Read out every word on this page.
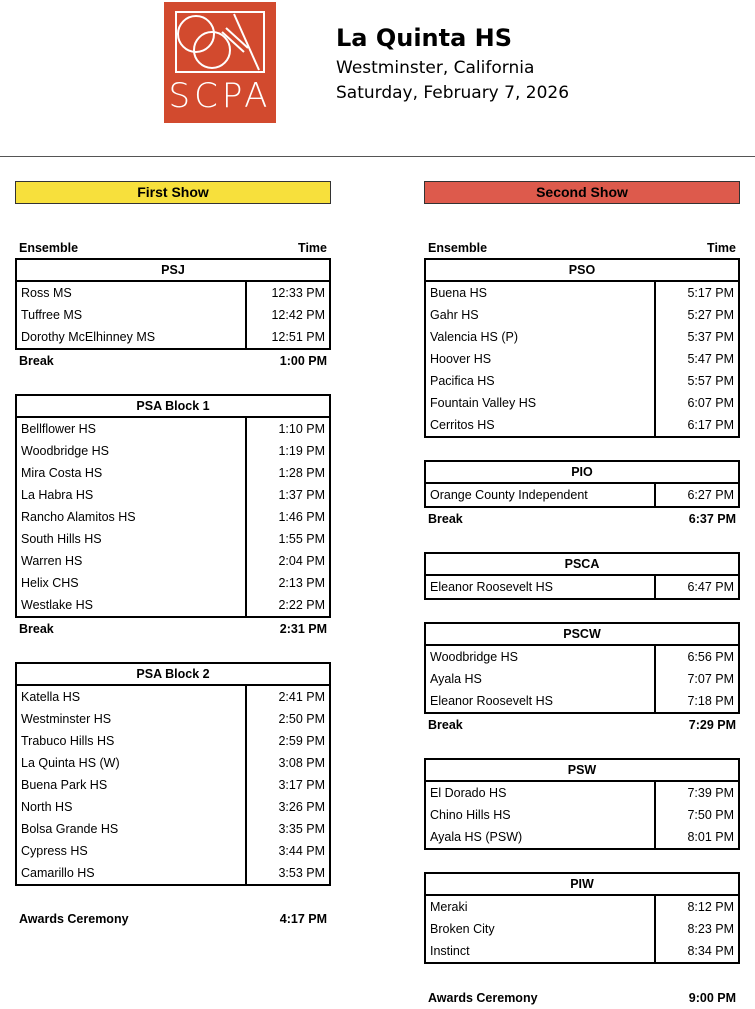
SCPA
La Quinta HS
Westminster, California
Saturday, February 7, 2026
First Show
Ensemble	Time
PSJ
Ross MS	12:33 PM
Tuffree MS	12:42 PM
Dorothy McElhinney MS	12:51 PM
Break	1:00 PM
PSA Block 1
Bellflower HS	1:10 PM
Woodbridge HS	1:19 PM
Mira Costa HS	1:28 PM
La Habra HS	1:37 PM
Rancho Alamitos HS	1:46 PM
South Hills HS	1:55 PM
Warren HS	2:04 PM
Helix CHS	2:13 PM
Westlake HS	2:22 PM
Break	2:31 PM
PSA Block 2
Katella HS	2:41 PM
Westminster HS	2:50 PM
Trabuco Hills HS	2:59 PM
La Quinta HS (W)	3:08 PM
Buena Park HS	3:17 PM
North HS	3:26 PM
Bolsa Grande HS	3:35 PM
Cypress HS	3:44 PM
Camarillo HS	3:53 PM
Awards Ceremony	4:17 PM
Second Show
Ensemble	Time
PSO
Buena HS	5:17 PM
Gahr HS	5:27 PM
Valencia HS (P)	5:37 PM
Hoover HS	5:47 PM
Pacifica HS	5:57 PM
Fountain Valley HS	6:07 PM
Cerritos HS	6:17 PM
PIO
Orange County Independent	6:27 PM
Break	6:37 PM
PSCA
Eleanor Roosevelt HS	6:47 PM
PSCW
Woodbridge HS	6:56 PM
Ayala HS	7:07 PM
Eleanor Roosevelt HS	7:18 PM
Break	7:29 PM
PSW
El Dorado HS	7:39 PM
Chino Hills HS	7:50 PM
Ayala HS (PSW)	8:01 PM
PIW
Meraki	8:12 PM
Broken City	8:23 PM
Instinct	8:34 PM
Awards Ceremony	9:00 PM
